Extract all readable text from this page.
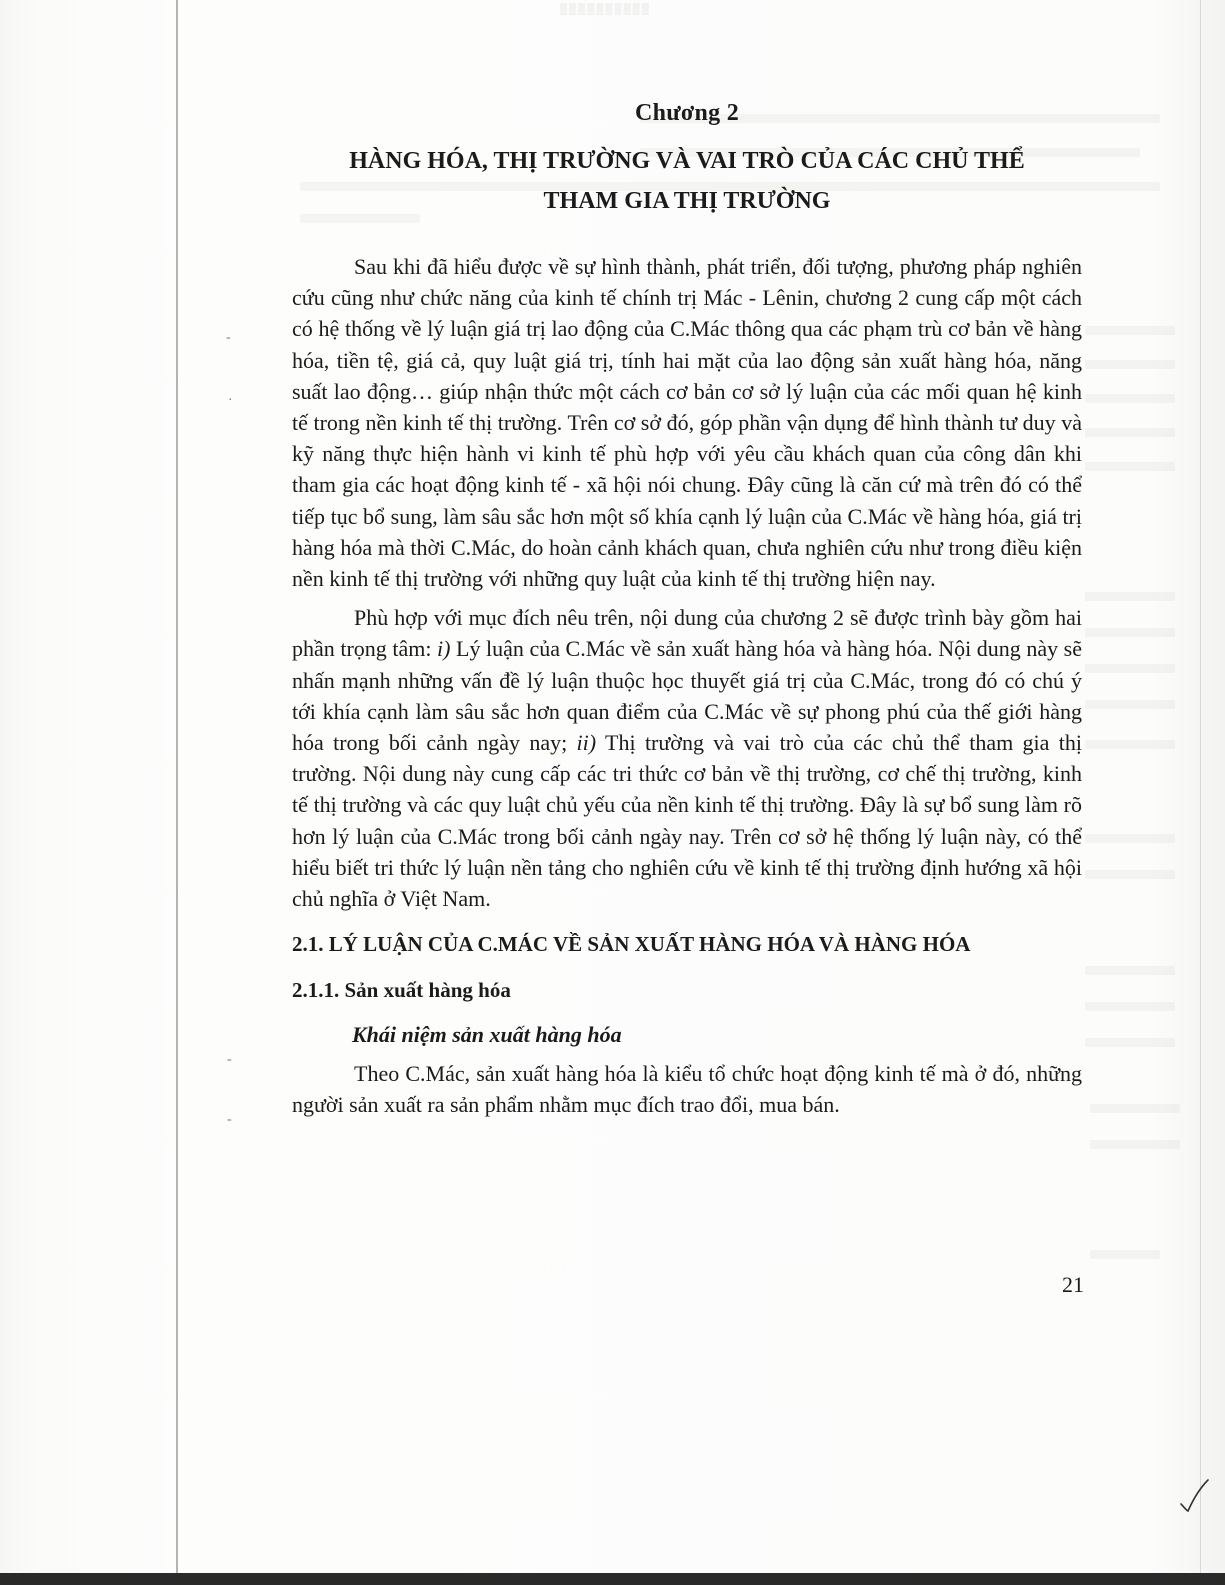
▒▒▒▒▒▒▒▒▒▒
-
·
-
-
Chương 2
HÀNG HÓA, THỊ TRƯỜNG VÀ VAI TRÒ CỦA CÁC CHỦ THỂ
THAM GIA THỊ TRƯỜNG

Sau khi đã hiểu được về sự hình thành, phát triển, đối tượng, phương pháp nghiên cứu cũng như chức năng của kinh tế chính trị Mác - Lênin, chương 2 cung cấp một cách có hệ thống về lý luận giá trị lao động của C.Mác thông qua các phạm trù cơ bản về hàng hóa, tiền tệ, giá cả, quy luật giá trị, tính hai mặt của lao động sản xuất hàng hóa, năng suất lao động… giúp nhận thức một cách cơ bản cơ sở lý luận của các mối quan hệ kinh tế trong nền kinh tế thị trường. Trên cơ sở đó, góp phần vận dụng để hình thành tư duy và kỹ năng thực hiện hành vi kinh tế phù hợp với yêu cầu khách quan của công dân khi tham gia các hoạt động kinh tế - xã hội nói chung. Đây cũng là căn cứ mà trên đó có thể tiếp tục bổ sung, làm sâu sắc hơn một số khía cạnh lý luận của C.Mác về hàng hóa, giá trị hàng hóa mà thời C.Mác, do hoàn cảnh khách quan, chưa nghiên cứu như trong điều kiện nền kinh tế thị trường với những quy luật của kinh tế thị trường hiện nay.

Phù hợp với mục đích nêu trên, nội dung của chương 2 sẽ được trình bày gồm hai phần trọng tâm: i) Lý luận của C.Mác về sản xuất hàng hóa và hàng hóa. Nội dung này sẽ nhấn mạnh những vấn đề lý luận thuộc học thuyết giá trị của C.Mác, trong đó có chú ý tới khía cạnh làm sâu sắc hơn quan điểm của C.Mác về sự phong phú của thế giới hàng hóa trong bối cảnh ngày nay; ii) Thị trường và vai trò của các chủ thể tham gia thị trường. Nội dung này cung cấp các tri thức cơ bản về thị trường, cơ chế thị trường, kinh tế thị trường và các quy luật chủ yếu của nền kinh tế thị trường. Đây là sự bổ sung làm rõ hơn lý luận của C.Mác trong bối cảnh ngày nay. Trên cơ sở hệ thống lý luận này, có thể hiểu biết tri thức lý luận nền tảng cho nghiên cứu về kinh tế thị trường định hướng xã hội chủ nghĩa ở Việt Nam.

2.1. LÝ LUẬN CỦA C.MÁC VỀ SẢN XUẤT HÀNG HÓA VÀ HÀNG HÓA
2.1.1. Sản xuất hàng hóa
Khái niệm sản xuất hàng hóa

Theo C.Mác, sản xuất hàng hóa là kiểu tổ chức hoạt động kinh tế mà ở đó, những người sản xuất ra sản phẩm nhằm mục đích trao đổi, mua bán.

21
